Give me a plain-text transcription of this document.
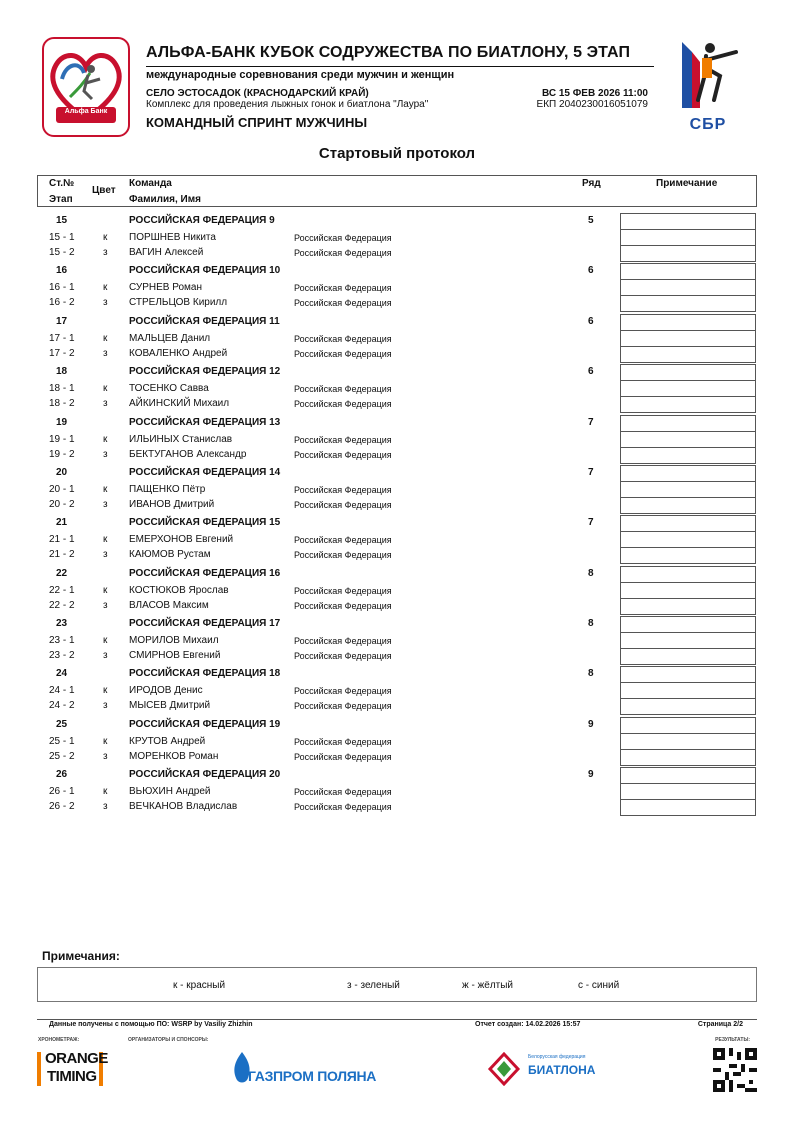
Альфа Банк
АЛЬФА-БАНК КУБОК СОДРУЖЕСТВА ПО БИАТЛОНУ, 5 ЭТАП
международные соревнования среди мужчин и женщин
СЕЛО ЭСТОСАДОК (КРАСНОДАРСКИЙ КРАЙ)
Комплекс для проведения лыжных гонок и биатлона "Лаура"
ВС 15 ФЕВ 2026 11:00
ЕКП 2040230016051079
КОМАНДНЫЙ СПРИНТ МУЖЧИНЫ	СБР
Стартовый протокол
Ст.№
Этап
Цвет
Команда
Фамилия, Имя
Ряд	Примечание
15	РОССИЙСКАЯ ФЕДЕРАЦИЯ 9	5
15 - 1	к ПОРШНЕВ Никита	Российская Федерация
15 - 2	з ВАГИН Алексей	Российская Федерация
16	РОССИЙСКАЯ ФЕДЕРАЦИЯ 10	6
16 - 1	к СУРНЕВ Роман	Российская Федерация
16 - 2	з СТРЕЛЬЦОВ Кирилл	Российская Федерация
17	РОССИЙСКАЯ ФЕДЕРАЦИЯ 11	6
17 - 1	к МАЛЬЦЕВ Данил	Российская Федерация
17 - 2	з КОВАЛЕНКО Андрей	Российская Федерация
18	РОССИЙСКАЯ ФЕДЕРАЦИЯ 12	6
18 - 1	к ТОСЕНКО Савва	Российская Федерация
18 - 2	з АЙКИНСКИЙ Михаил	Российская Федерация
19	РОССИЙСКАЯ ФЕДЕРАЦИЯ 13	7
19 - 1	к ИЛЬИНЫХ Станислав	Российская Федерация
19 - 2	з БЕКТУГАНОВ Александр	Российская Федерация
20	РОССИЙСКАЯ ФЕДЕРАЦИЯ 14	7
20 - 1	к ПАЩЕНКО Пётр	Российская Федерация
20 - 2	з ИВАНОВ Дмитрий	Российская Федерация
21	РОССИЙСКАЯ ФЕДЕРАЦИЯ 15	7
21 - 1	к ЕМЕРХОНОВ Евгений	Российская Федерация
21 - 2	з КАЮМОВ Рустам	Российская Федерация
22	РОССИЙСКАЯ ФЕДЕРАЦИЯ 16	8
22 - 1	к КОСТЮКОВ Ярослав	Российская Федерация
22 - 2	з ВЛАСОВ Максим	Российская Федерация
23	РОССИЙСКАЯ ФЕДЕРАЦИЯ 17	8
23 - 1	к МОРИЛОВ Михаил	Российская Федерация
23 - 2	з СМИРНОВ Евгений	Российская Федерация
24	РОССИЙСКАЯ ФЕДЕРАЦИЯ 18	8
24 - 1	к ИРОДОВ Денис	Российская Федерация
24 - 2	з МЫСЕВ Дмитрий	Российская Федерация
25	РОССИЙСКАЯ ФЕДЕРАЦИЯ 19	9
25 - 1	к КРУТОВ Андрей	Российская Федерация
25 - 2	з МОРЕНКОВ Роман	Российская Федерация
26	РОССИЙСКАЯ ФЕДЕРАЦИЯ 20	9
26 - 1	к ВЬЮХИН Андрей	Российская Федерация
26 - 2	з ВЕЧКАНОВ Владислав	Российская Федерация
Примечания:
к - красный	з - зеленый	ж - жёлтый	с - синий
Данные получены с помощью ПО: WSRP by Vasiliy Zhizhin	Отчет создан: 14.02.2026 15:57	Страница 2/2
ХРОНОМЕТРАЖ:	ОРГАНИЗАТОРЫ И СПОНСОРЫ:	РЕЗУЛЬТАТЫ:
ORANGE
TIMING	ГАЗПРОМ ПОЛЯНА
Белорусская федерация
БИАТЛОНА
